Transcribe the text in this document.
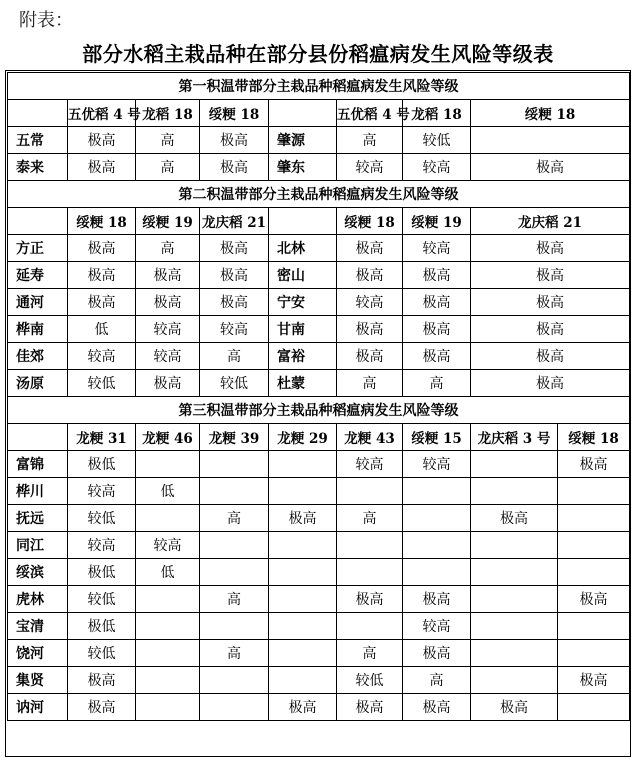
附表：
部分水稻主栽品种在部分县份稻瘟病发生风险等级表
第一积温带部分主栽品种稻瘟病发生风险等级								
	五优稻 4 号	龙稻 18	绥粳 18		五优稻 4 号	龙稻 18	绥粳 18	
五常	极高	高	极高	肇源	高	较低		
泰来	极高	高	极高	肇东	较高	较高	极高	
第二积温带部分主栽品种稻瘟病发生风险等级								
	绥粳 18	绥粳 19	龙庆稻 21		绥粳 18	绥粳 19	龙庆稻 21	
方正	极高	高	极高	北林	极高	较高	极高	
延寿	极高	极高	极高	密山	极高	极高	极高	
通河	极高	极高	极高	宁安	较高	极高	极高	
桦南	低	较高	较高	甘南	极高	极高	极高	
佳郊	较高	较高	高	富裕	极高	极高	极高	
汤原	较低	极高	较低	杜蒙	高	高	极高	
第三积温带部分主栽品种稻瘟病发生风险等级								
	龙粳 31	龙粳 46	龙粳 39	龙粳 29	龙粳 43	绥粳 15	龙庆稻 3 号	绥粳 18
富锦	极低				较高	较高		极高
桦川	较高	低						
抚远	较低		高	极高	高		极高	
同江	较高	较高						
绥滨	极低	低						
虎林	较低		高		极高	极高		极高
宝清	极低					较高		
饶河	较低		高		高	极高		
集贤	极高				较低	高		极高
讷河	极高			极高	极高	极高	极高	
